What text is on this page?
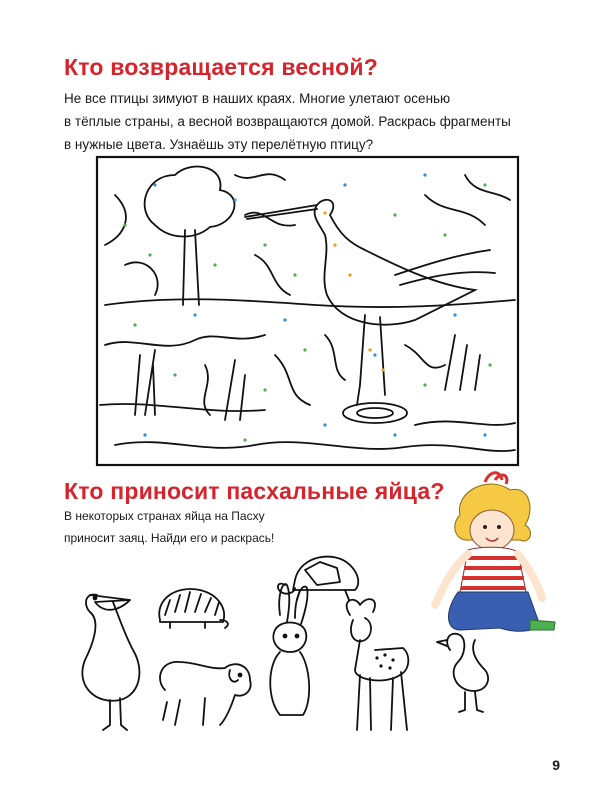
Кто возвращается весной?

Не все птицы зимуют в наших краях. Многие улетают осенью
в тёплые страны, а весной возвращаются домой. Раскрась фрагменты
в нужные цвета. Узнаёшь эту перелётную птицу?

Кто приносит пасхальные яйца?

В некоторых странах яйца на Пасху
приносит заяц. Найди его и раскрась!

9
